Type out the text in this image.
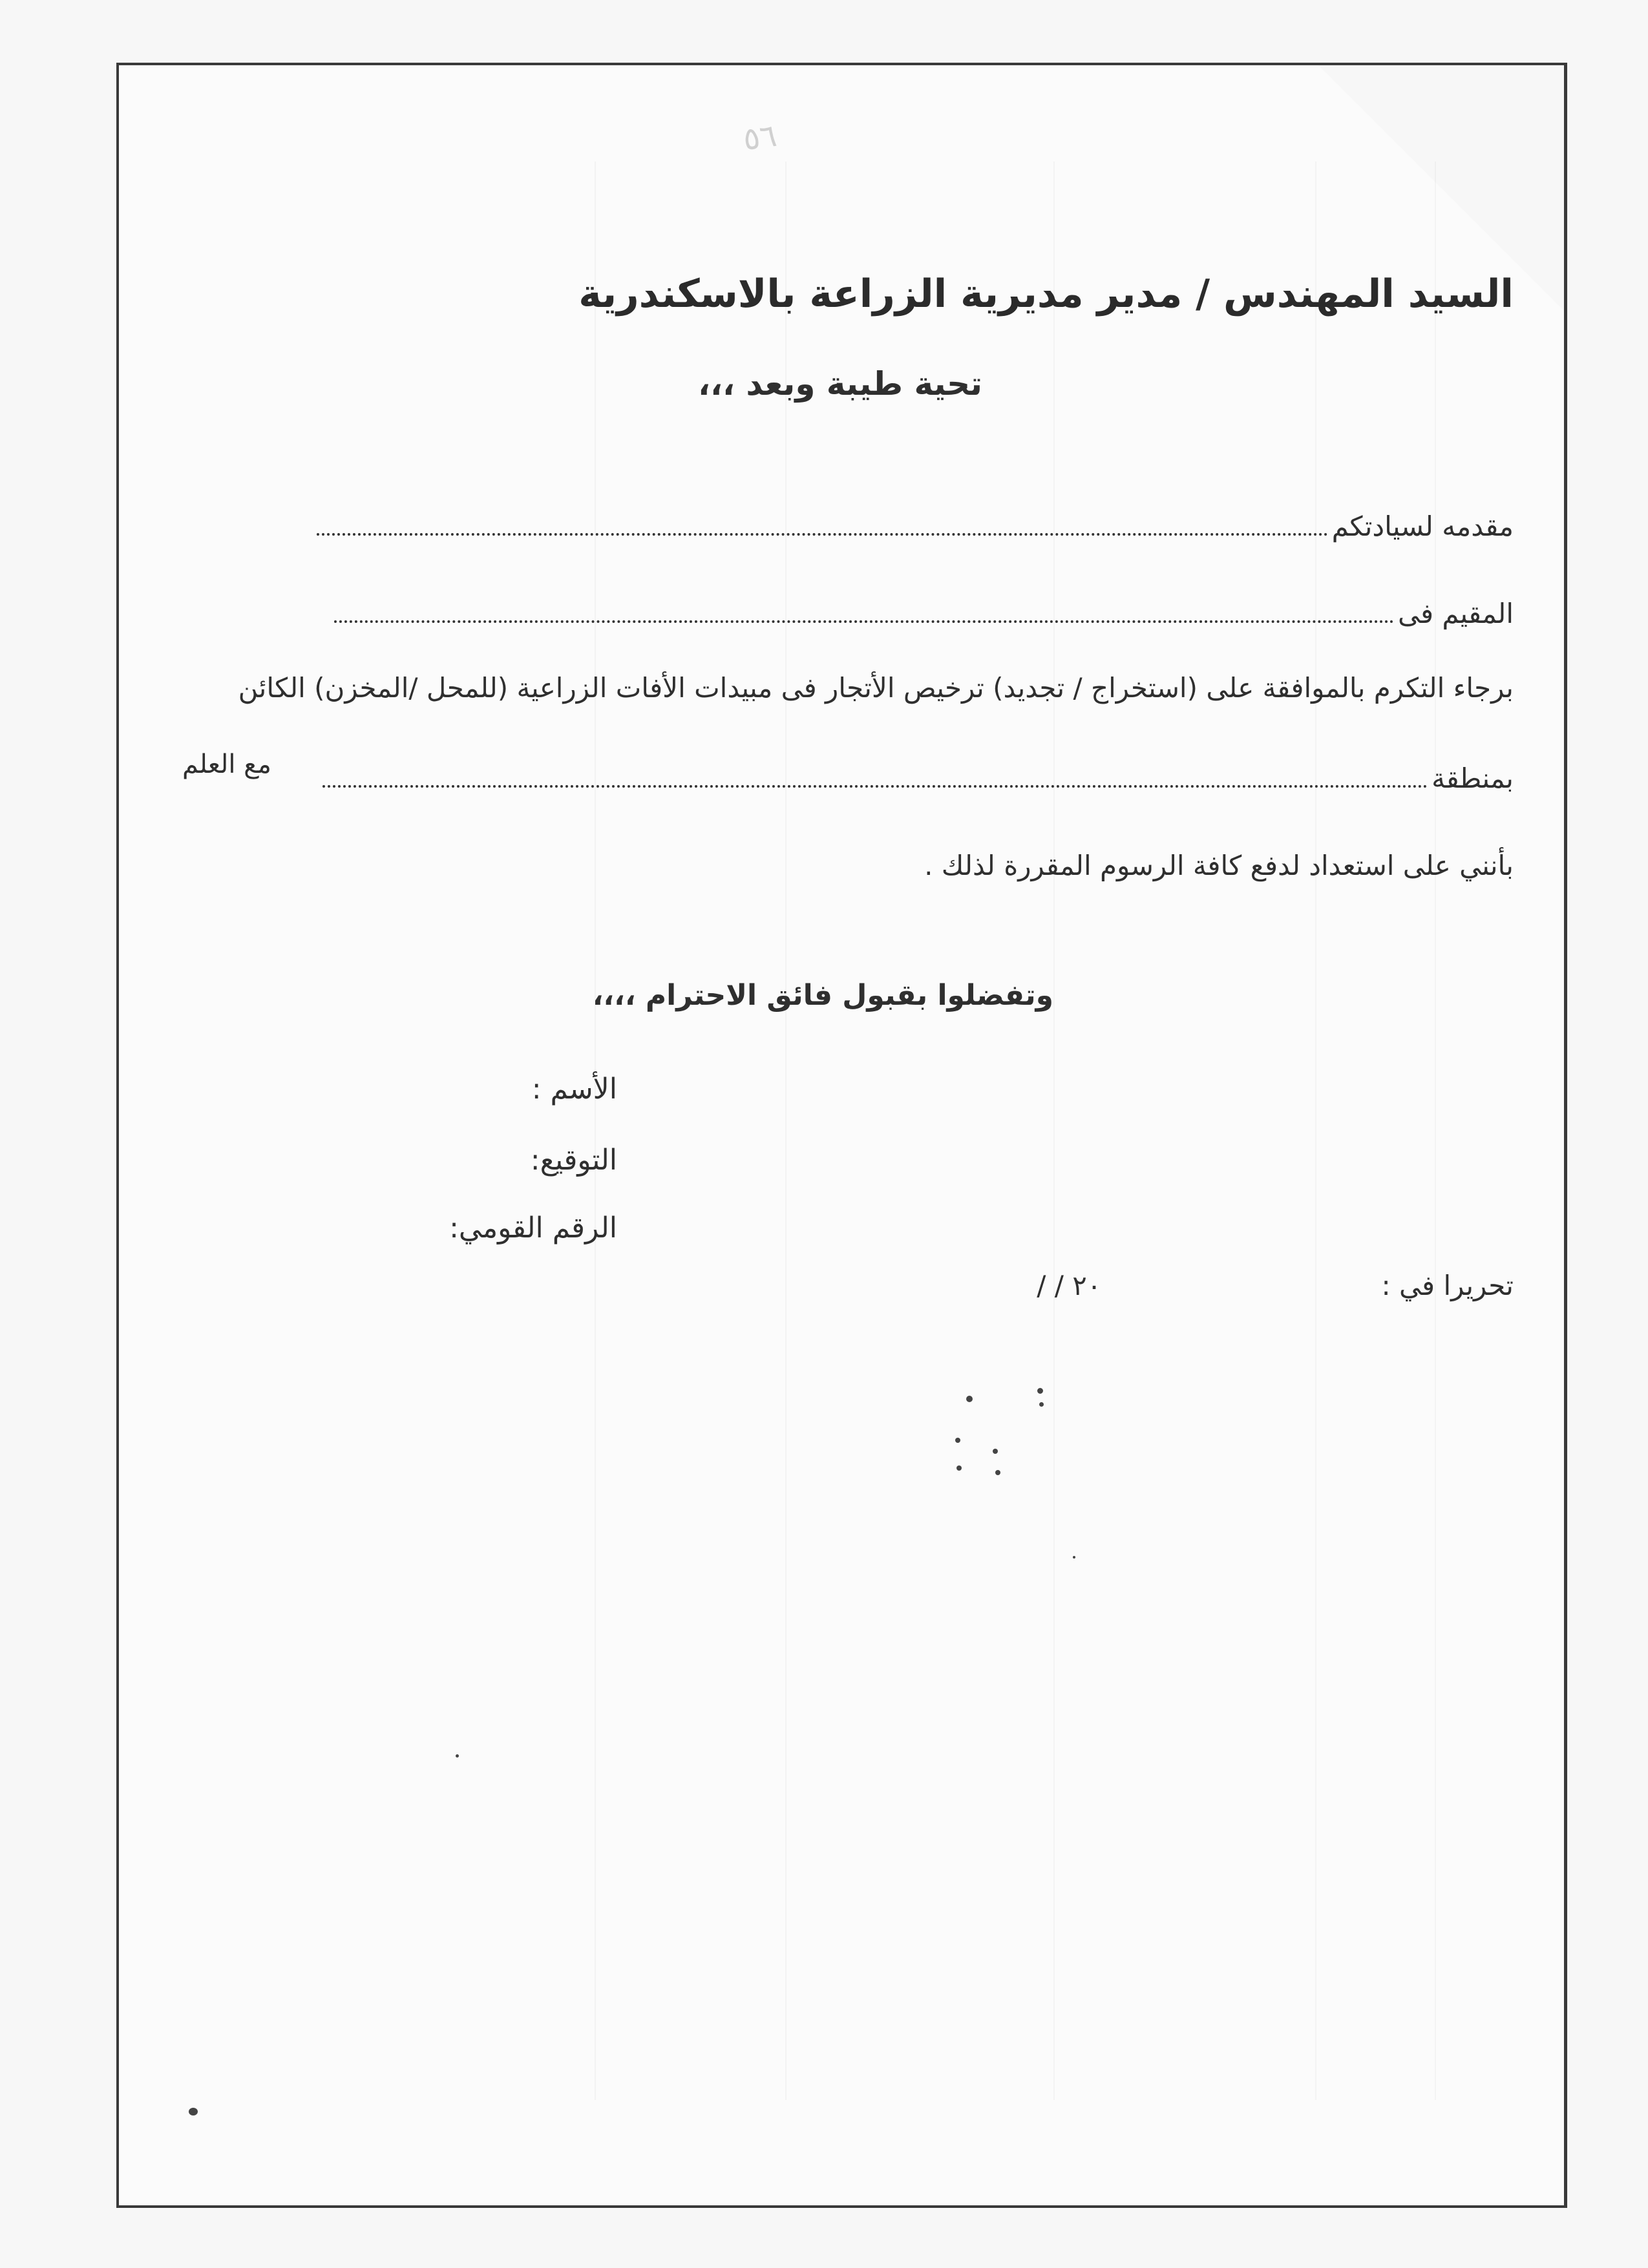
٥٦
السيد المهندس / مدير مديرية الزراعة بالاسكندرية
تحية طيبة وبعد ،،،
مقدمه لسيادتكم
المقيم فى
برجاء التكرم بالموافقة على (استخراج / تجديد) ترخيص الأتجار فى مبيدات الأفات الزراعية (للمحل /المخزن) الكائن
بمنطقة
مع العلم
بأنني على استعداد لدفع كافة الرسوم المقررة لذلك .
وتفضلوا بقبول فائق الاحترام ،،،،
الأسم :
التوقيع:
الرقم القومي:
تحريرا في : / / ٢٠
